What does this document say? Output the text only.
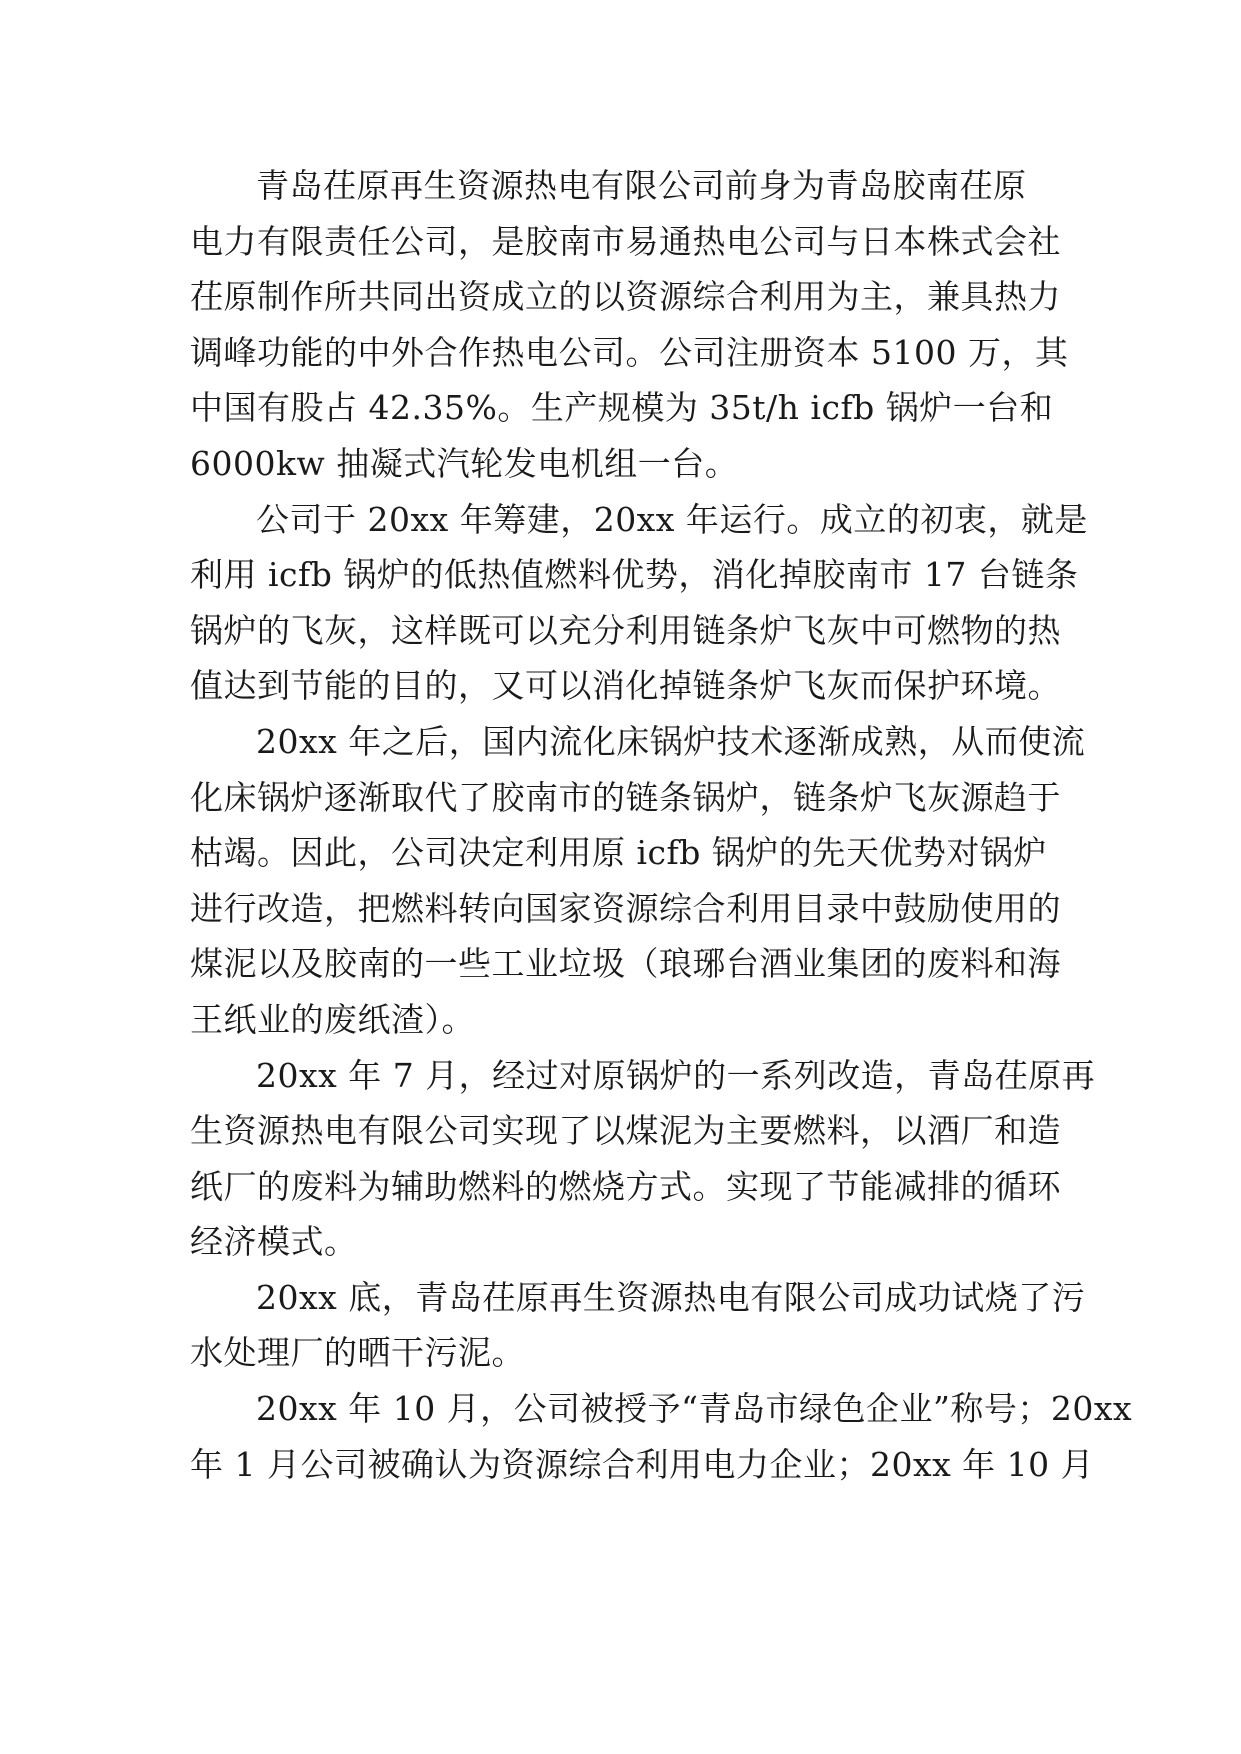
青岛茌原再生资源热电有限公司前身为青岛胶南茌原
电力有限责任公司，是胶南市易通热电公司与日本株式会社
茌原制作所共同出资成立的以资源综合利用为主，兼具热力
调峰功能的中外合作热电公司。公司注册资本 5100 万，其
中国有股占 42.35%。生产规模为 35t/h icfb 锅炉一台和
6000kw 抽凝式汽轮发电机组一台。
公司于 20xx 年筹建，20xx 年运行。成立的初衷，就是
利用 icfb 锅炉的低热值燃料优势，消化掉胶南市 17 台链条
锅炉的飞灰，这样既可以充分利用链条炉飞灰中可燃物的热
值达到节能的目的，又可以消化掉链条炉飞灰而保护环境。
20xx 年之后，国内流化床锅炉技术逐渐成熟，从而使流
化床锅炉逐渐取代了胶南市的链条锅炉，链条炉飞灰源趋于
枯竭。因此，公司决定利用原 icfb 锅炉的先天优势对锅炉
进行改造，把燃料转向国家资源综合利用目录中鼓励使用的
煤泥以及胶南的一些工业垃圾（琅琊台酒业集团的废料和海
王纸业的废纸渣）。
20xx 年 7 月，经过对原锅炉的一系列改造，青岛茌原再
生资源热电有限公司实现了以煤泥为主要燃料，以酒厂和造
纸厂的废料为辅助燃料的燃烧方式。实现了节能减排的循环
经济模式。
20xx 底，青岛茌原再生资源热电有限公司成功试烧了污
水处理厂的晒干污泥。
20xx 年 10 月，公司被授予“青岛市绿色企业”称号；20xx
年 1 月公司被确认为资源综合利用电力企业；20xx 年 10 月
